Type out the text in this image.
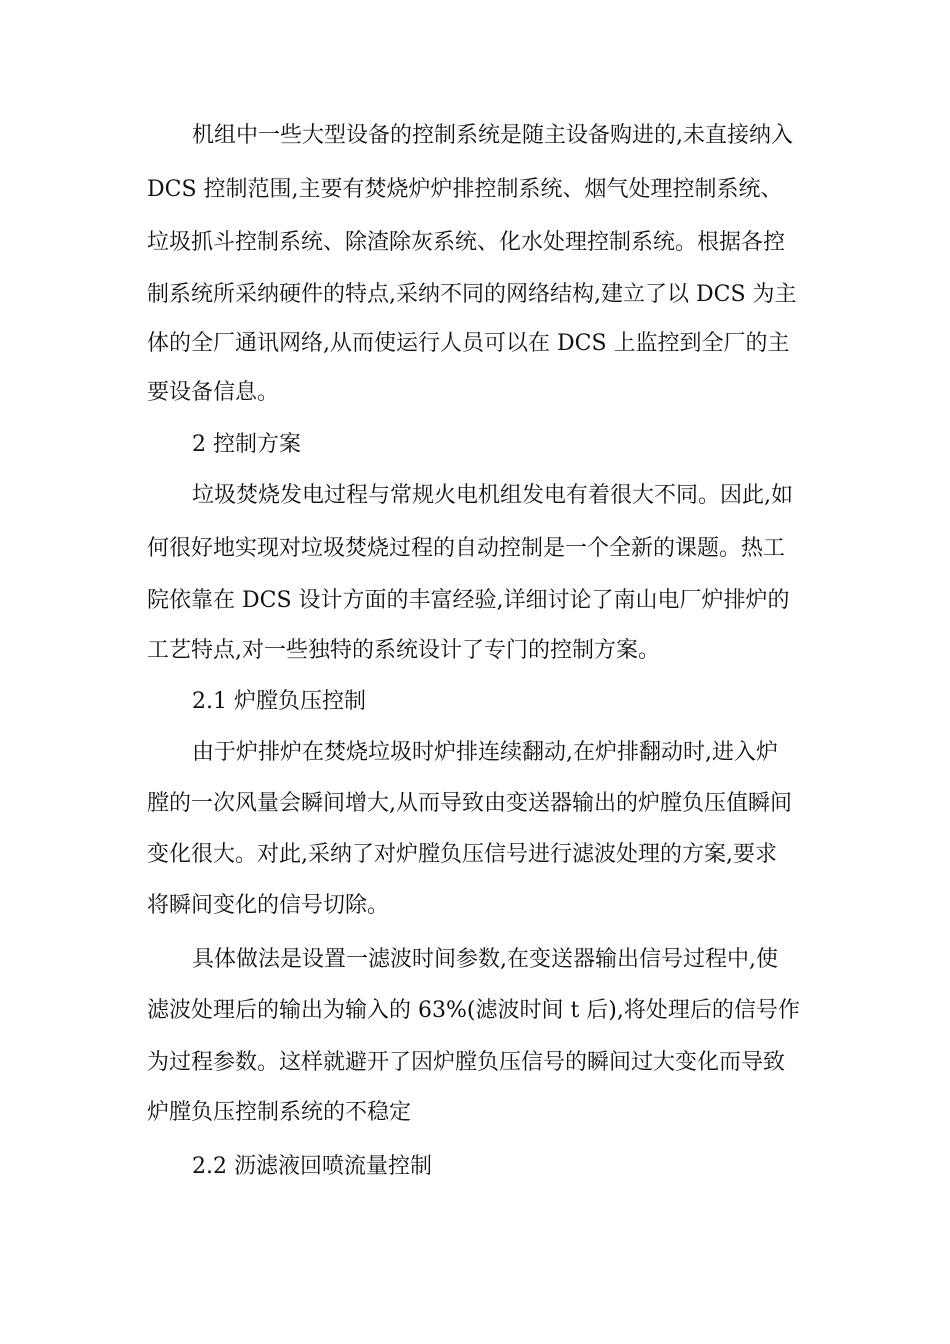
机组中一些大型设备的控制系统是随主设备购进的,未直接纳入
DCS 控制范围,主要有焚烧炉炉排控制系统、烟气处理控制系统、
垃圾抓斗控制系统、除渣除灰系统、化水处理控制系统。根据各控
制系统所采纳硬件的特点,采纳不同的网络结构,建立了以 DCS 为主
体的全厂通讯网络,从而使运行人员可以在 DCS 上监控到全厂的主
要设备信息。
2 控制方案
垃圾焚烧发电过程与常规火电机组发电有着很大不同。因此,如
何很好地实现对垃圾焚烧过程的自动控制是一个全新的课题。热工
院依靠在 DCS 设计方面的丰富经验,详细讨论了南山电厂炉排炉的
工艺特点,对一些独特的系统设计了专门的控制方案。
2.1 炉膛负压控制
由于炉排炉在焚烧垃圾时炉排连续翻动,在炉排翻动时,进入炉
膛的一次风量会瞬间增大,从而导致由变送器输出的炉膛负压值瞬间
变化很大。对此,采纳了对炉膛负压信号进行滤波处理的方案,要求
将瞬间变化的信号切除。
具体做法是设置一滤波时间参数,在变送器输出信号过程中,使
滤波处理后的输出为输入的 63%(滤波时间 t 后),将处理后的信号作
为过程参数。这样就避开了因炉膛负压信号的瞬间过大变化而导致
炉膛负压控制系统的不稳定
2.2 沥滤液回喷流量控制
